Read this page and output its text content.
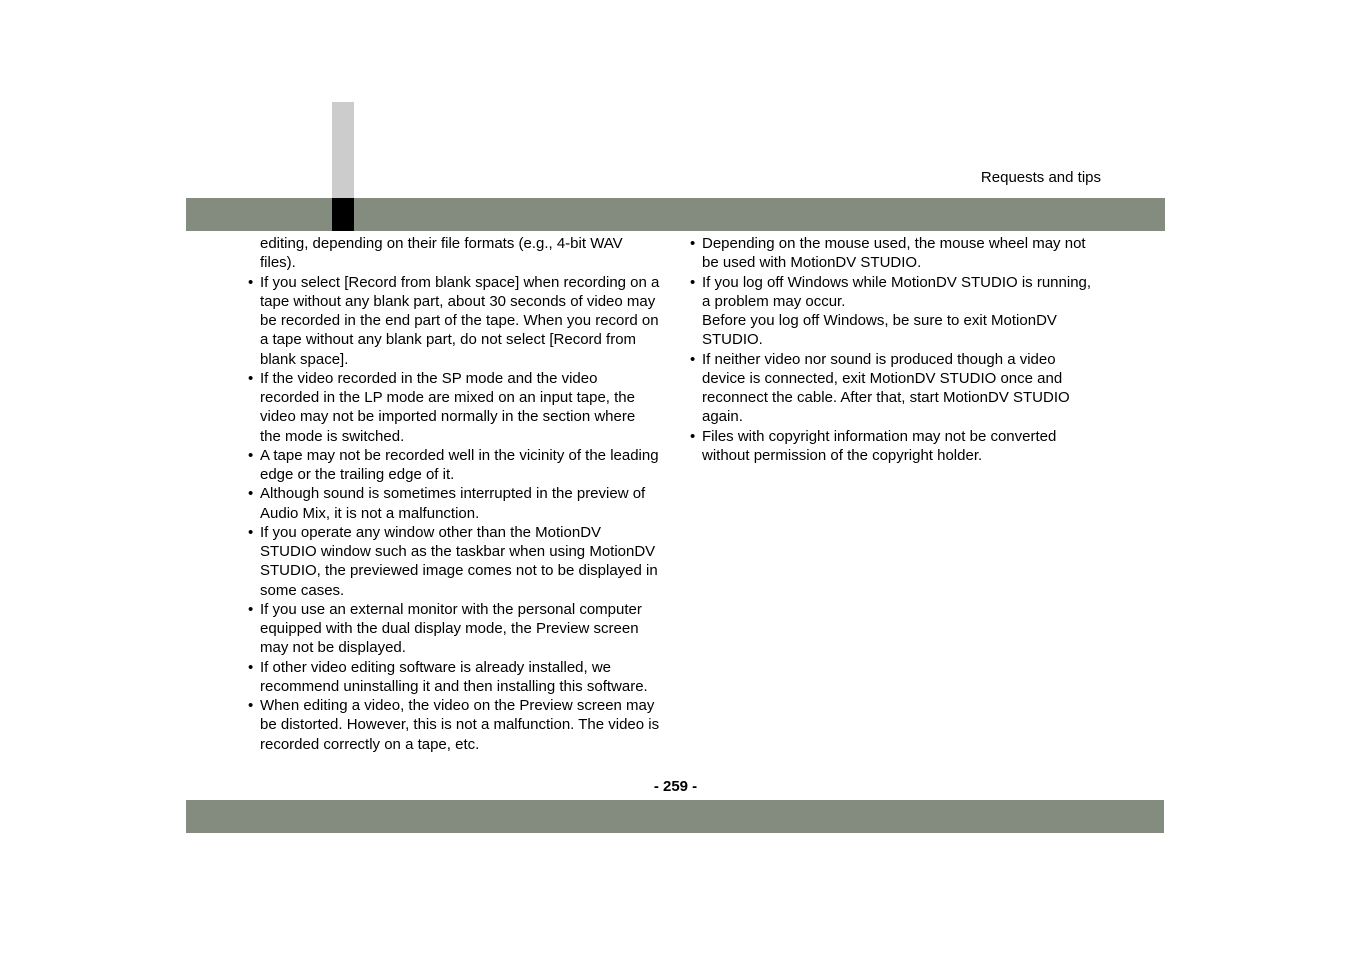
Requests and tips

editing, depending on their file formats (e.g., 4-bit WAV files).

• If you select [Record from blank space] when recording on a tape without any blank part, about 30 seconds of video may be recorded in the end part of the tape. When you record on a tape without any blank part, do not select [Record from blank space].
• If the video recorded in the SP mode and the video recorded in the LP mode are mixed on an input tape, the video may not be imported normally in the section where the mode is switched.
• A tape may not be recorded well in the vicinity of the leading edge or the trailing edge of it.
• Although sound is sometimes interrupted in the preview of Audio Mix, it is not a malfunction.
• If you operate any window other than the MotionDV STUDIO window such as the taskbar when using MotionDV STUDIO, the previewed image comes not to be displayed in some cases.
• If you use an external monitor with the personal computer equipped with the dual display mode, the Preview screen may not be displayed.
• If other video editing software is already installed, we recommend uninstalling it and then installing this software.
• When editing a video, the video on the Preview screen may be distorted. However, this is not a malfunction. The video is recorded correctly on a tape, etc.
• Depending on the mouse used, the mouse wheel may not be used with MotionDV STUDIO.
• If you log off Windows while MotionDV STUDIO is running, a problem may occur.
Before you log off Windows, be sure to exit MotionDV STUDIO.
• If neither video nor sound is produced though a video device is connected, exit MotionDV STUDIO once and reconnect the cable. After that, start MotionDV STUDIO again.
• Files with copyright information may not be converted without permission of the copyright holder.
- 259 -
